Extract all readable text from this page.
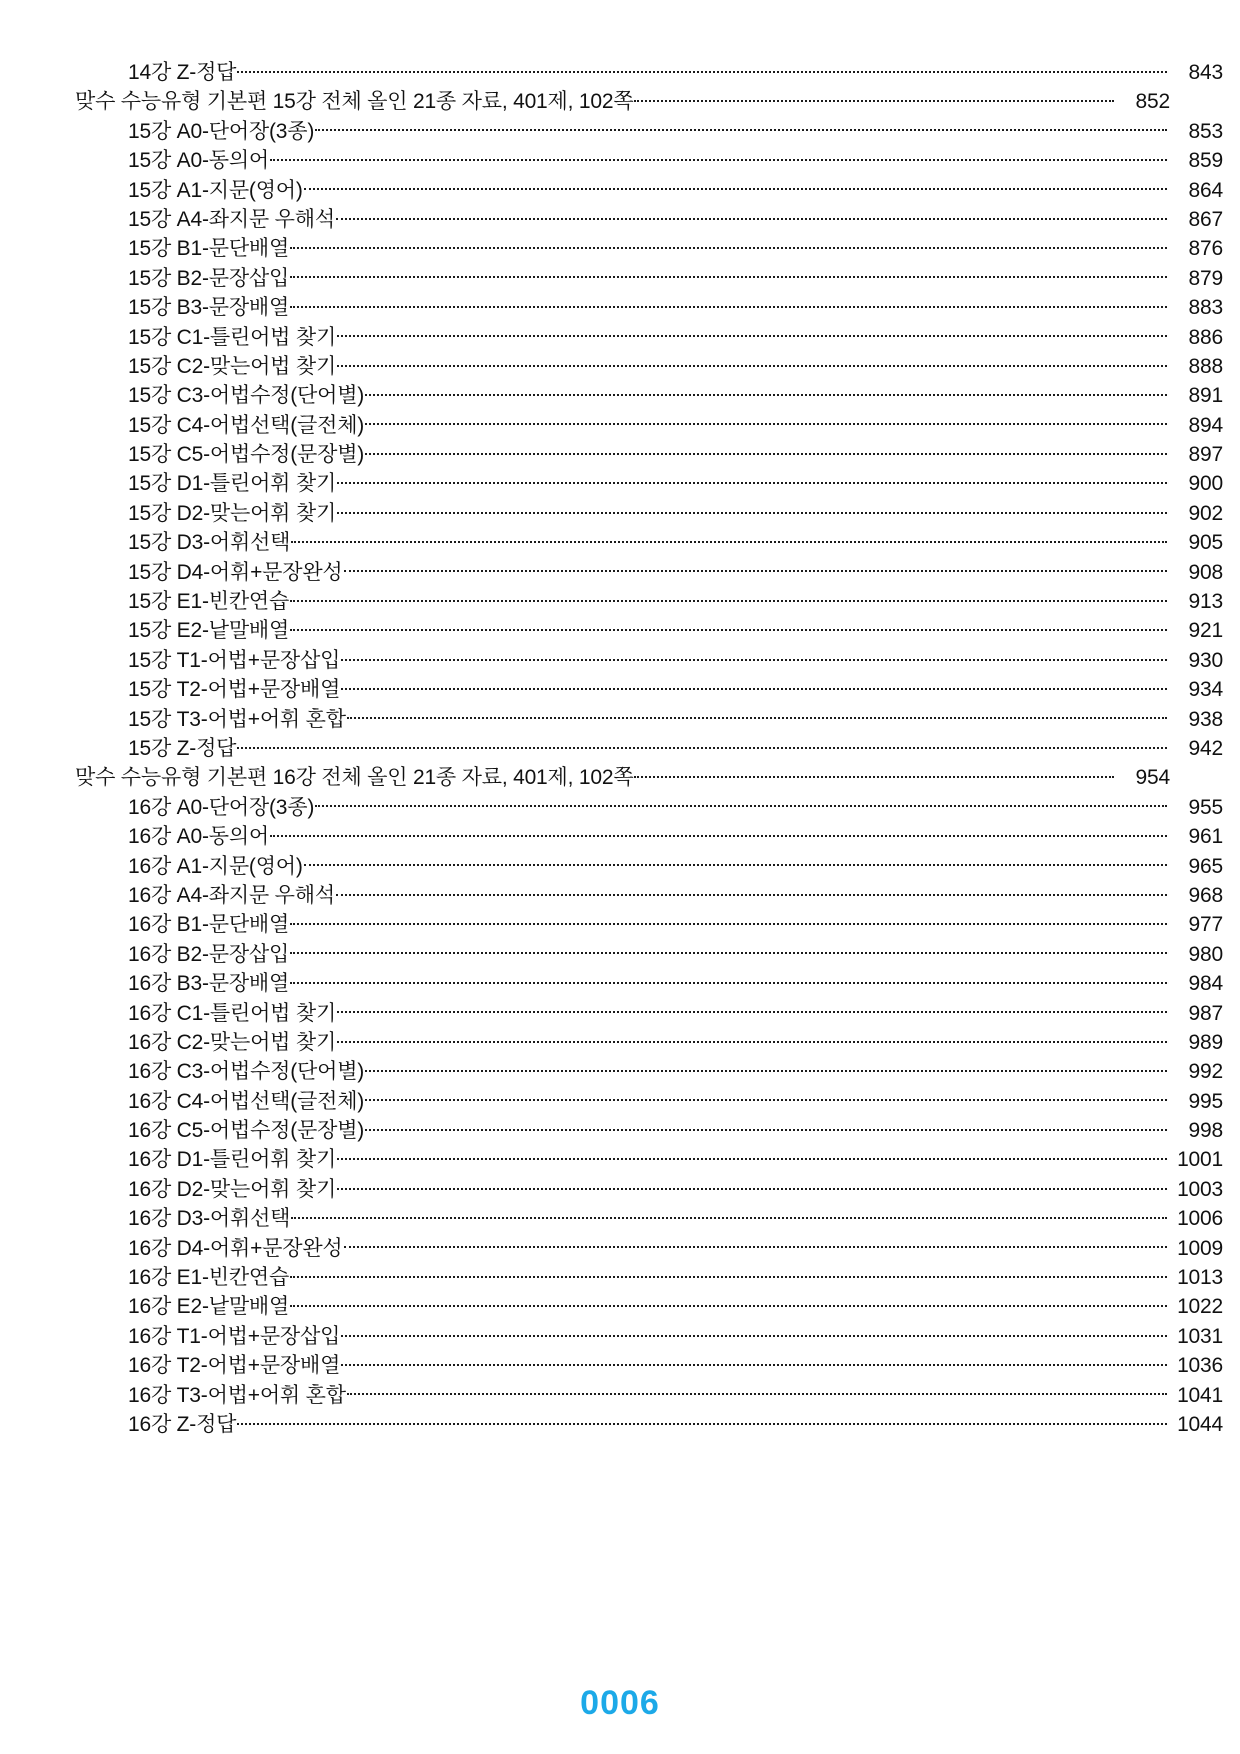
14강 Z-정답	843
맞수 수능유형 기본편 15강 전체 올인 21종 자료, 401제, 102쪽	852
15강 A0-단어장(3종)	853
15강 A0-동의어	859
15강 A1-지문(영어)	864
15강 A4-좌지문 우해석	867
15강 B1-문단배열	876
15강 B2-문장삽입	879
15강 B3-문장배열	883
15강 C1-틀린어법 찾기	886
15강 C2-맞는어법 찾기	888
15강 C3-어법수정(단어별)	891
15강 C4-어법선택(글전체)	894
15강 C5-어법수정(문장별)	897
15강 D1-틀린어휘 찾기	900
15강 D2-맞는어휘 찾기	902
15강 D3-어휘선택	905
15강 D4-어휘+문장완성	908
15강 E1-빈칸연습	913
15강 E2-낱말배열	921
15강 T1-어법+문장삽입	930
15강 T2-어법+문장배열	934
15강 T3-어법+어휘 혼합	938
15강 Z-정답	942
맞수 수능유형 기본편 16강 전체 올인 21종 자료, 401제, 102쪽	954
16강 A0-단어장(3종)	955
16강 A0-동의어	961
16강 A1-지문(영어)	965
16강 A4-좌지문 우해석	968
16강 B1-문단배열	977
16강 B2-문장삽입	980
16강 B3-문장배열	984
16강 C1-틀린어법 찾기	987
16강 C2-맞는어법 찾기	989
16강 C3-어법수정(단어별)	992
16강 C4-어법선택(글전체)	995
16강 C5-어법수정(문장별)	998
16강 D1-틀린어휘 찾기	1001
16강 D2-맞는어휘 찾기	1003
16강 D3-어휘선택	1006
16강 D4-어휘+문장완성	1009
16강 E1-빈칸연습	1013
16강 E2-낱말배열	1022
16강 T1-어법+문장삽입	1031
16강 T2-어법+문장배열	1036
16강 T3-어법+어휘 혼합	1041
16강 Z-정답	1044
0006
